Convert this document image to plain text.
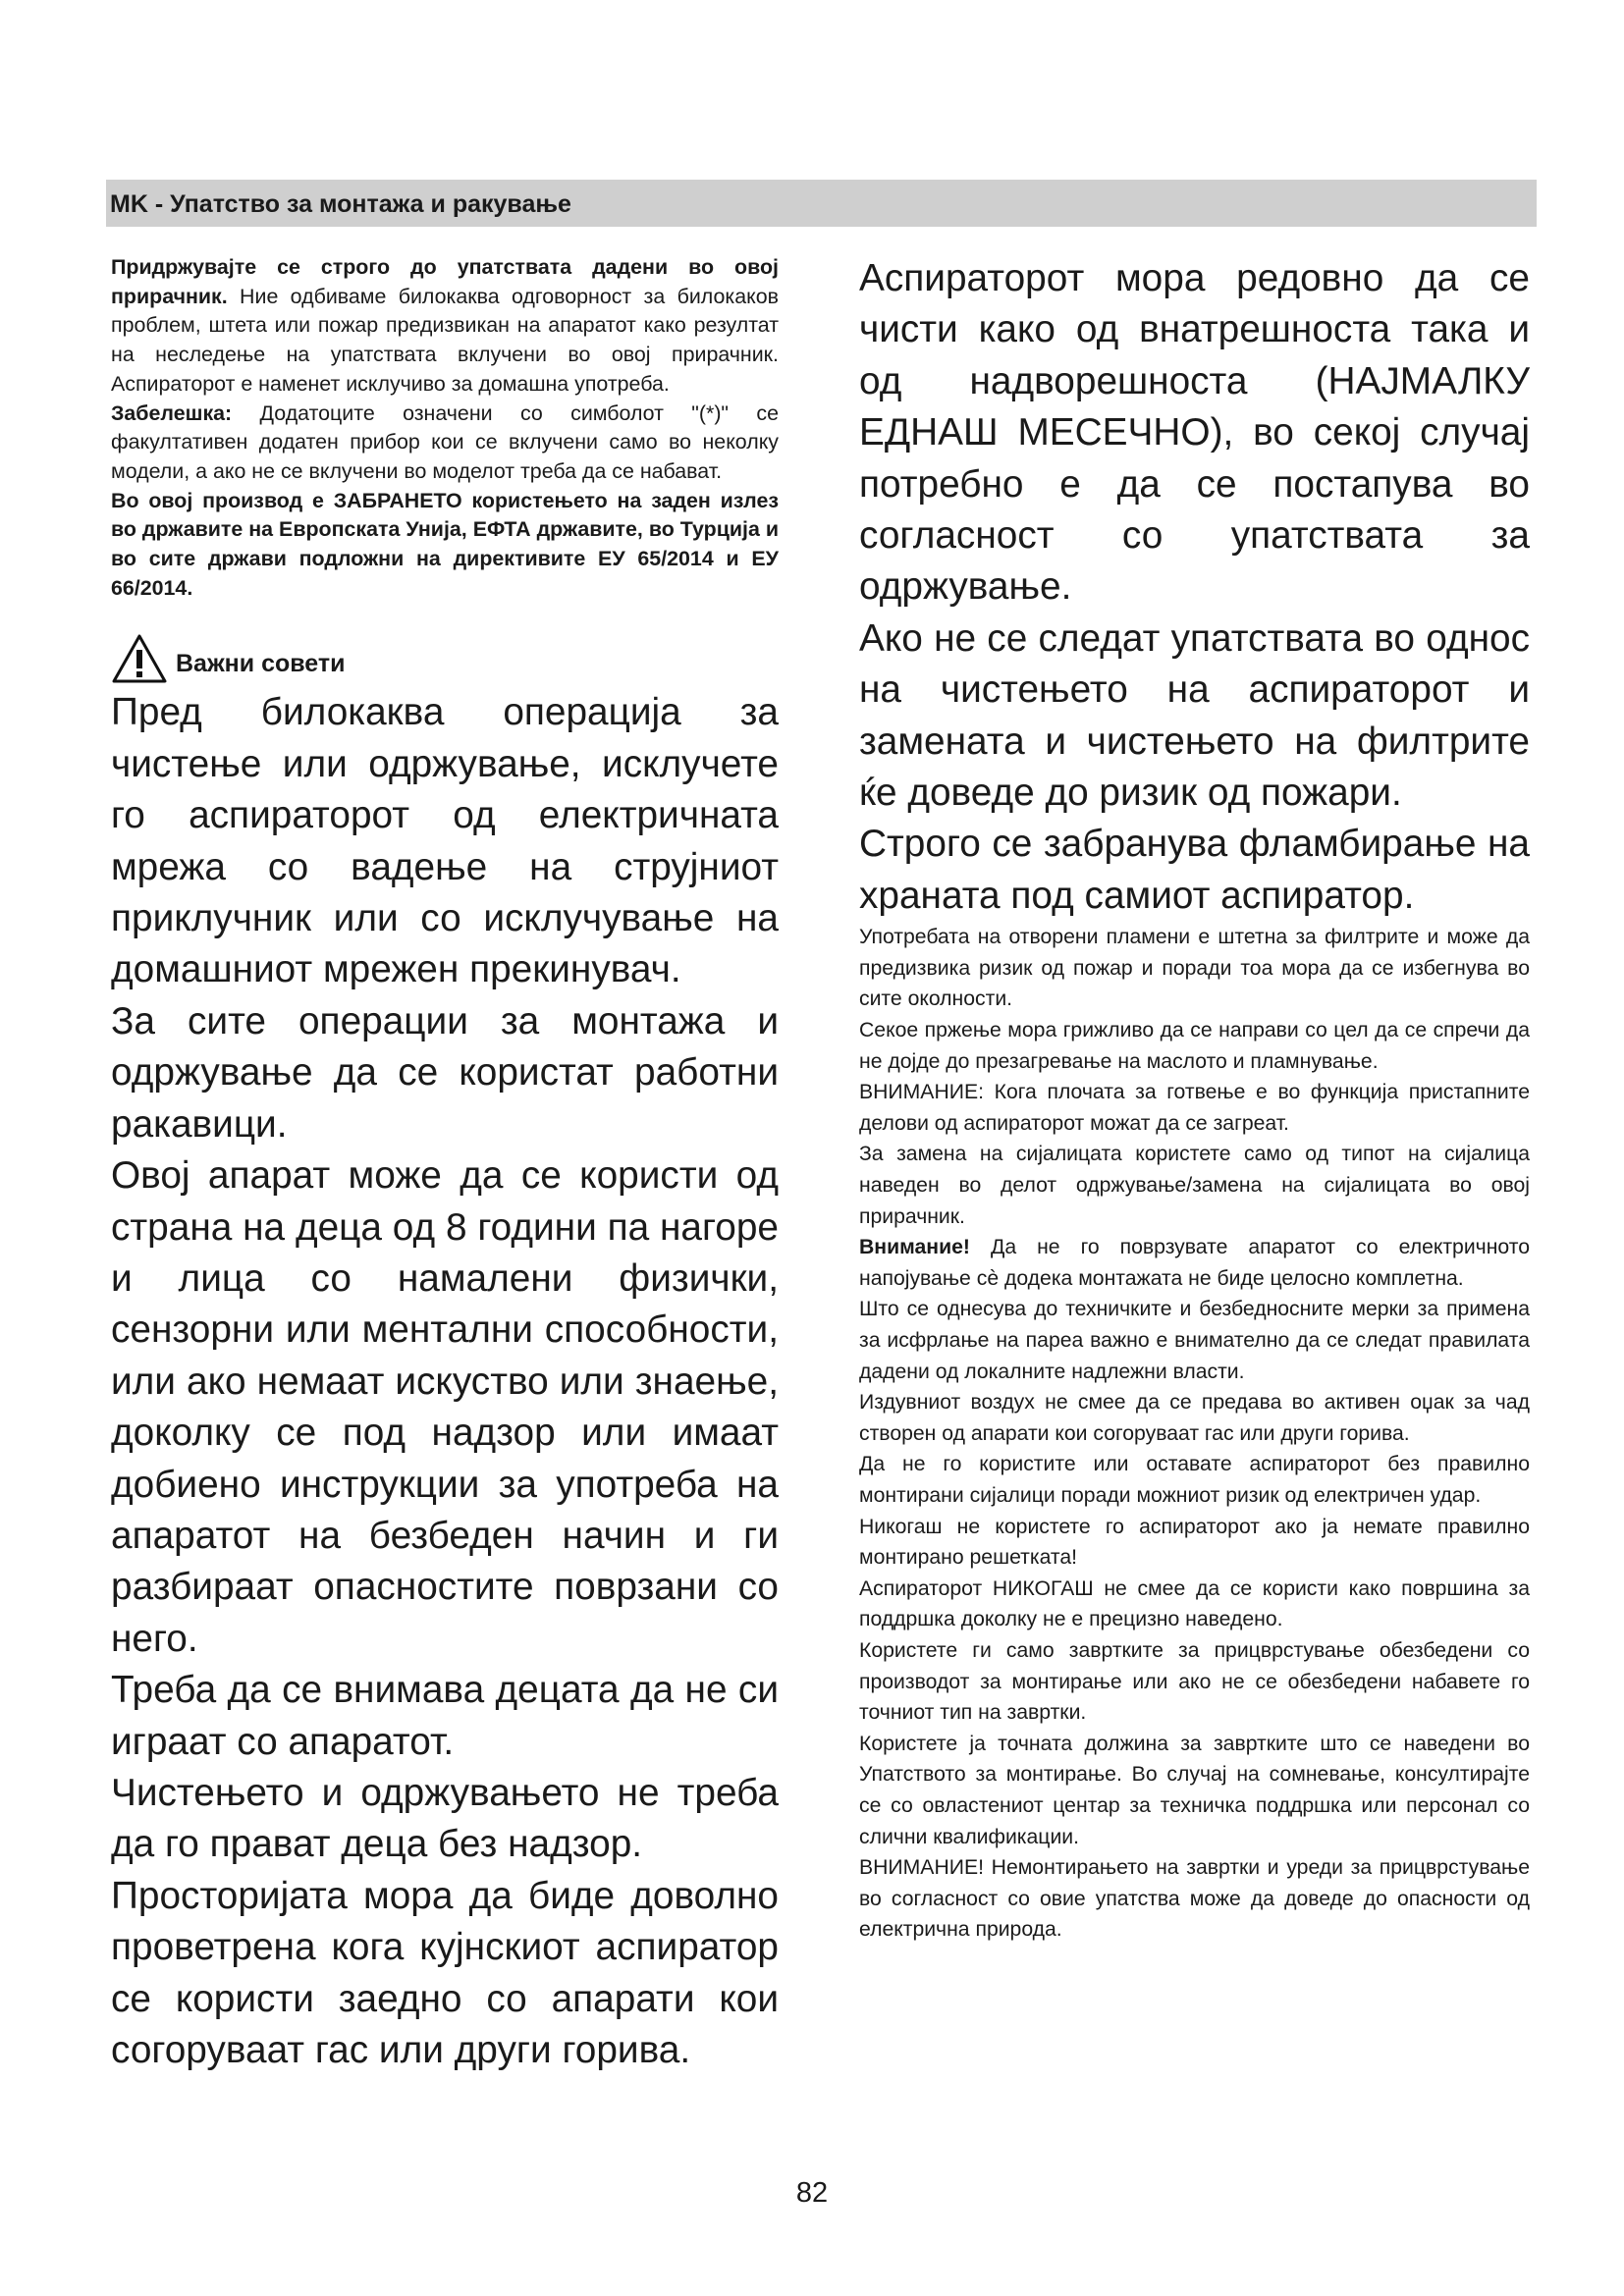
MK - Упатство за монтажа и ракување

Придржувајте се строго до упатствата дадени во овој прирачник. Ние одбиваме билокаква одговорност за билокаков проблем, штета или пожар предизвикан на апаратот како резултат на неследење на упатствата вклучени во овој прирачник. Аспираторот е наменет исклучиво за домашна употреба.

Забелешка: Додатоците означени со симболот "(*)" се факултативен додатен прибор кои се вклучени само во неколку модели, а ако не се вклучени во моделот треба да се набават.

Во овој производ е ЗАБРАНЕТО користењето на заден излез во државите на Европската Унија, ЕФТА државите, во Турција и во сите држави подложни на директивите ЕУ 65/2014 и ЕУ 66/2014.

Важни совети

Пред билокаква операција за чистење или одржување, исклучете го аспираторот од електричната мрежа со вадење на струјниот приклучник или со исклучување на домашниот мрежен прекинувач.

За сите операции за монтажа и одржување да се користат работни ракавици.

Овој апарат може да се користи од страна на деца од 8 години па нагоре и лица со намалени физички, сензорни или ментални способности, или ако немаат искуство или знаење, доколку се под надзор или имаат добиено инструкции за употреба на апаратот на безбеден начин и ги разбираат опасностите поврзани со него.

Треба да се внимава децата да не си играат со апаратот.

Чистењето и одржувањето не треба да го прават деца без надзор.

Просторијата мора да биде доволно проветрена кога кујнскиот аспиратор се користи заедно со апарати кои согоруваат гас или други горива.

Аспираторот мора редовно да се чисти како од внатрешноста така и од надворешноста (НАЈМАЛКУ ЕДНАШ МЕСЕЧНО), во секој случај потребно е да се постапува во согласност со упатствата за одржување.

Ако не се следат упатствата во однос на чистењето на аспираторот и замената и чистењето на филтрите ќе доведе до ризик од пожари.

Строго се забранува фламбирање на храната под самиот аспиратор.

Употребата на отворени пламени е штетна за филтрите и може да предизвика ризик од пожар и поради тоа мора да се избегнува во сите околности.

Секое пржење мора грижливо да се направи со цел да се спречи да не дојде до презагревање на маслото и пламнување.

ВНИМАНИЕ: Кога плочата за готвење е во функција пристапните делови од аспираторот можат да се загреат.

За замена на сијалицата користете само од типот на сијалица наведен во делот одржување/замена на сијалицата во овој прирачник.

Внимание! Да не го поврзувате апаратот со електричното напојување сè додека монтажата не биде целосно комплетна.

Што се однесува до техничките и безбедносните мерки за примена за исфрлање на пареа важно е внимателно да се следат правилата дадени од локалните надлежни власти.

Издувниот воздух не смее да се предава во активен оџак за чад створен од апарати кои согоруваат гас или други горива.

Да не го користите или оставате аспираторот без правилно монтирани сијалици поради можниот ризик од електричен удар.

Никогаш не користете го аспираторот ако ја немате правилно монтирано решетката!

Аспираторот НИКОГАШ не смее да се користи како површина за поддршка доколку не е прецизно наведено.

Користете ги само завртките за прицврстување обезбедени со производот за монтирање или ако не се обезбедени набавете го точниот тип на завртки.

Користете ја точната должина за завртките што се наведени во Упатството за монтирање. Во случај на сомневање, консултирајте се со овластениот центар за техничка поддршка или персонал со слични квалификации.

ВНИМАНИЕ! Немонтирањето на завртки и уреди за прицврстување во согласност со овие упатства може да доведе до опасности од електрична природа.

82
